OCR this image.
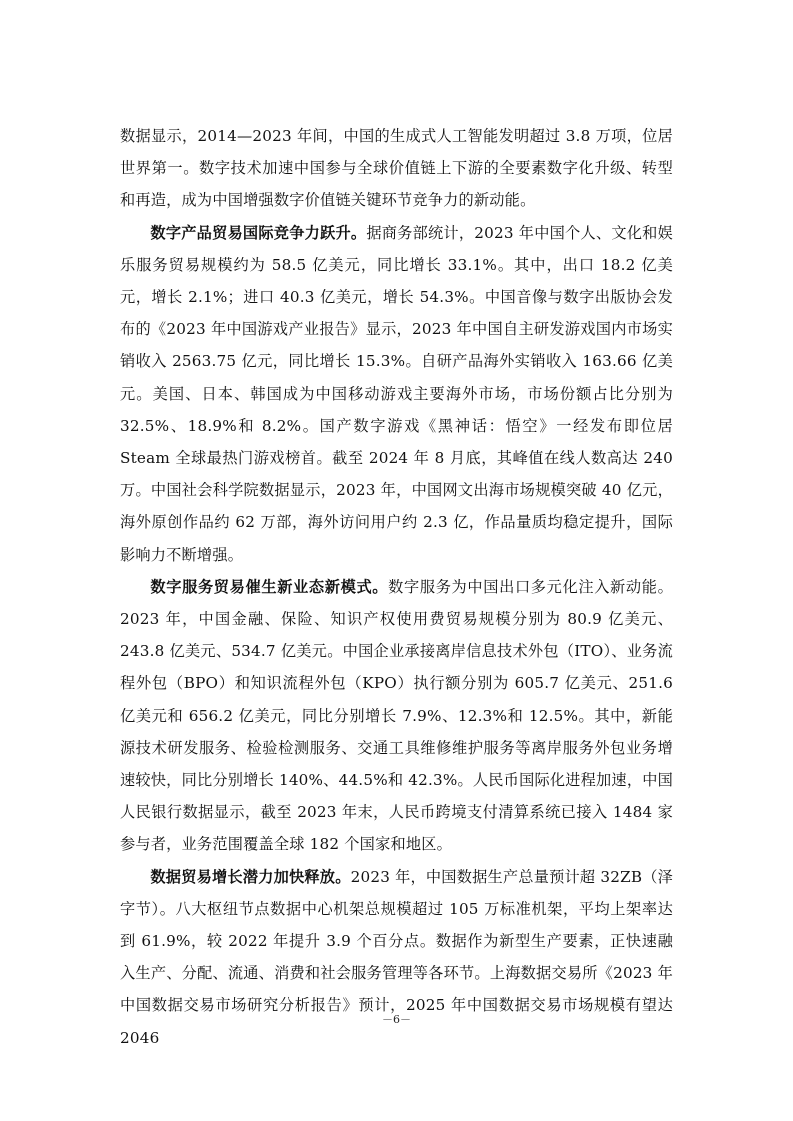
数据显示，2014—2023 年间，中国的生成式人工智能发明超过 3.8 万项，位居世界第一。数字技术加速中国参与全球价值链上下游的全要素数字化升级、转型和再造，成为中国增强数字价值链关键环节竞争力的新动能。

数字产品贸易国际竞争力跃升。据商务部统计，2023 年中国个人、文化和娱乐服务贸易规模约为 58.5 亿美元，同比增长 33.1%。其中，出口 18.2 亿美元，增长 2.1%；进口 40.3 亿美元，增长 54.3%。中国音像与数字出版协会发布的《2023 年中国游戏产业报告》显示，2023 年中国自主研发游戏国内市场实销收入 2563.75 亿元，同比增长 15.3%。自研产品海外实销收入 163.66 亿美元。美国、日本、韩国成为中国移动游戏主要海外市场，市场份额占比分别为 32.5%、18.9%和 8.2%。国产数字游戏《黑神话：悟空》一经发布即位居 Steam 全球最热门游戏榜首。截至 2024 年 8 月底，其峰值在线人数高达 240 万。中国社会科学院数据显示，2023 年，中国网文出海市场规模突破 40 亿元，海外原创作品约 62 万部，海外访问用户约 2.3 亿，作品量质均稳定提升，国际影响力不断增强。

数字服务贸易催生新业态新模式。数字服务为中国出口多元化注入新动能。2023 年，中国金融、保险、知识产权使用费贸易规模分别为 80.9 亿美元、243.8 亿美元、534.7 亿美元。中国企业承接离岸信息技术外包（ITO）、业务流程外包（BPO）和知识流程外包（KPO）执行额分别为 605.7 亿美元、251.6 亿美元和 656.2 亿美元，同比分别增长 7.9%、12.3%和 12.5%。其中，新能源技术研发服务、检验检测服务、交通工具维修维护服务等离岸服务外包业务增速较快，同比分别增长 140%、44.5%和 42.3%。人民币国际化进程加速，中国人民银行数据显示，截至 2023 年末，人民币跨境支付清算系统已接入 1484 家参与者，业务范围覆盖全球 182 个国家和地区。

数据贸易增长潜力加快释放。2023 年，中国数据生产总量预计超 32ZB（泽字节）。八大枢纽节点数据中心机架总规模超过 105 万标准机架，平均上架率达到 61.9%，较 2022 年提升 3.9 个百分点。数据作为新型生产要素，正快速融入生产、分配、流通、消费和社会服务管理等各环节。上海数据交易所《2023 年中国数据交易市场研究分析报告》预计，2025 年中国数据交易市场规模有望达 2046

－6－
